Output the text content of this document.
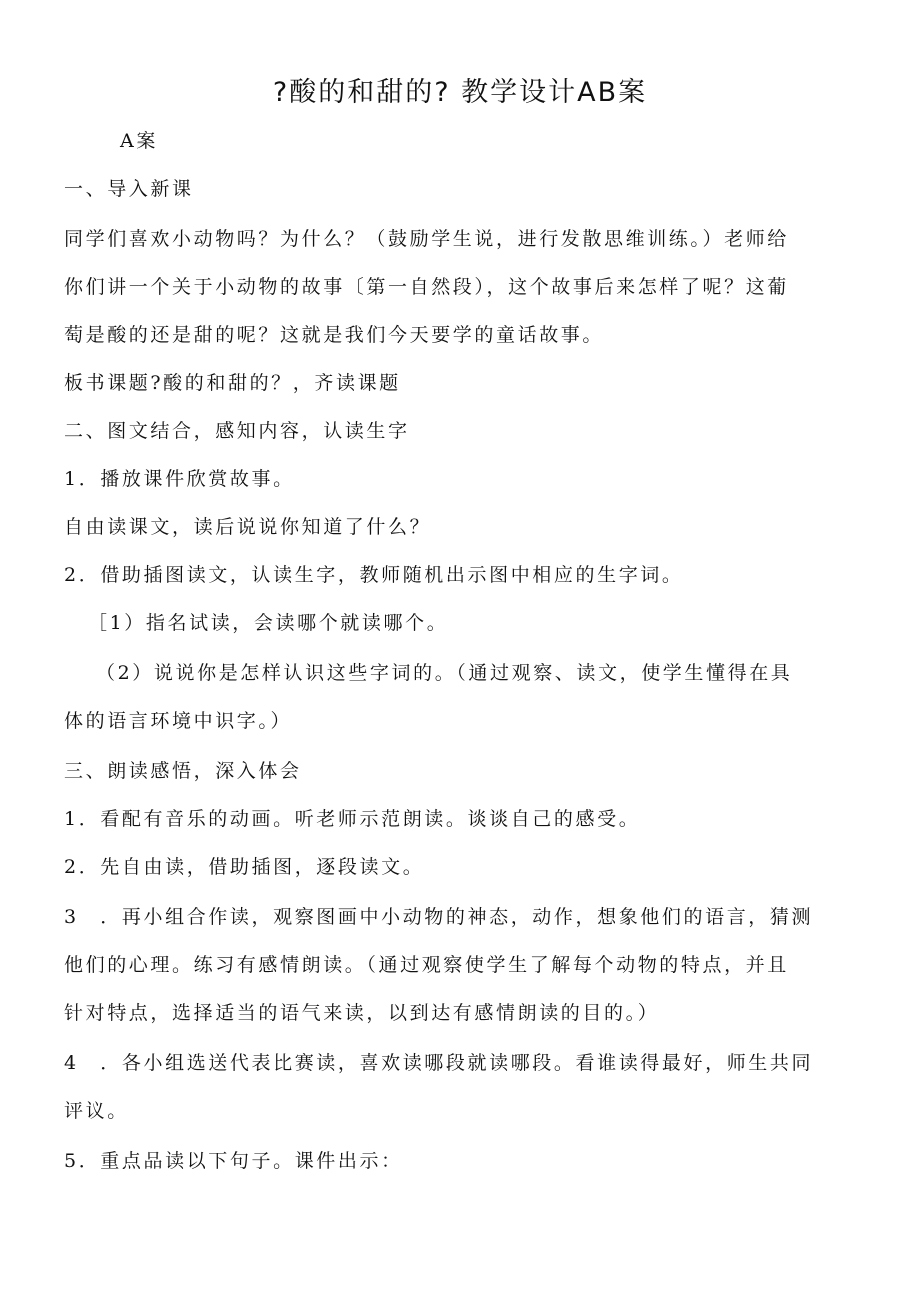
?酸的和甜的? 教学设计AB案

A案

一、导入新课

同学们喜欢小动物吗？为什么？（鼓励学生说，进行发散思维训练。）老师给

你们讲一个关于小动物的故事〔第一自然段），这个故事后来怎样了呢？这葡

萄是酸的还是甜的呢？这就是我们今天要学的童话故事。

板书课题?酸的和甜的？，齐读课题

二、图文结合，感知内容，认读生字

1．播放课件欣赏故事。

自由读课文，读后说说你知道了什么？

2．借助插图读文，认读生字，教师随机出示图中相应的生字词。

［1）指名试读，会读哪个就读哪个。

（2）说说你是怎样认识这些字词的。（通过观察、读文，使学生懂得在具

体的语言环境中识字。）

三、朗读感悟，深入体会

1．看配有音乐的动画。听老师示范朗读。谈谈自己的感受。

2．先自由读，借助插图，逐段读文。

3　．再小组合作读，观察图画中小动物的神态，动作，想象他们的语言，猜测

他们的心理。练习有感情朗读。（通过观察使学生了解每个动物的特点，并且

针对特点，选择适当的语气来读，以到达有感情朗读的目的。）

4　．各小组选送代表比赛读，喜欢读哪段就读哪段。看谁读得最好，师生共同

评议。

5．重点品读以下句子。课件出示：
